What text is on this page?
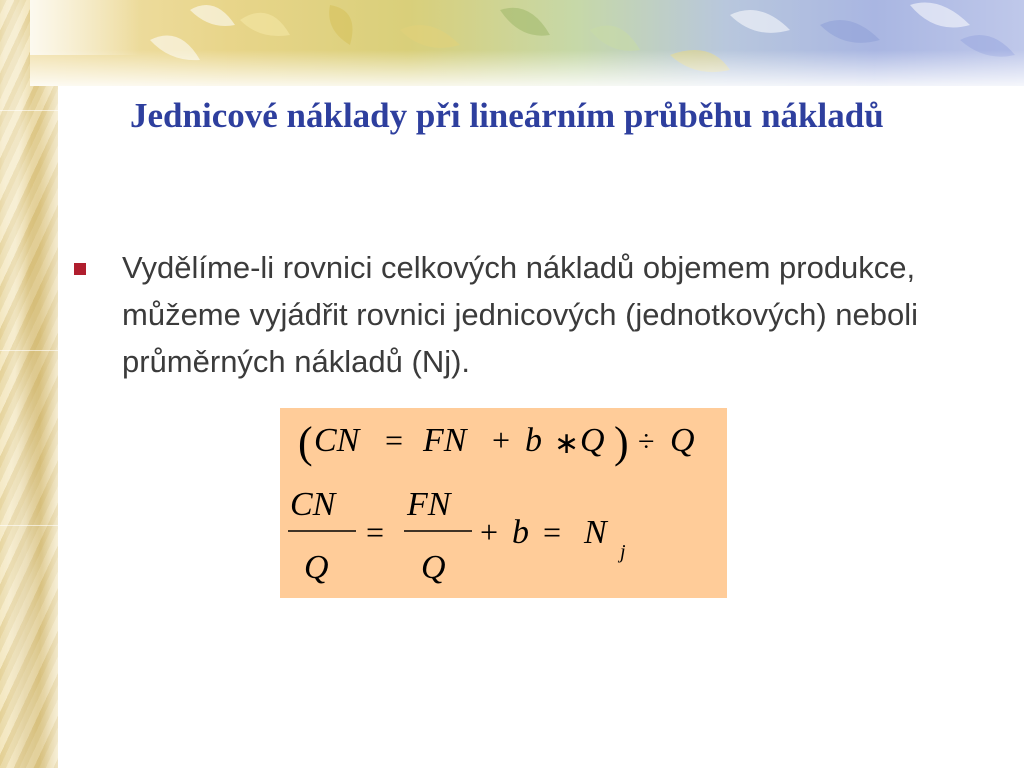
Jednicové náklady při lineárním průběhu nákladů
Vydělíme-li rovnici celkových nákladů objemem produkce, můžeme vyjádřit rovnici jednicových (jednotkových) neboli průměrných nákladů (Nj).
( CN = FN + b ∗ Q ) ÷ Q
CN
Q
=
FN
Q
+ b = N
j
